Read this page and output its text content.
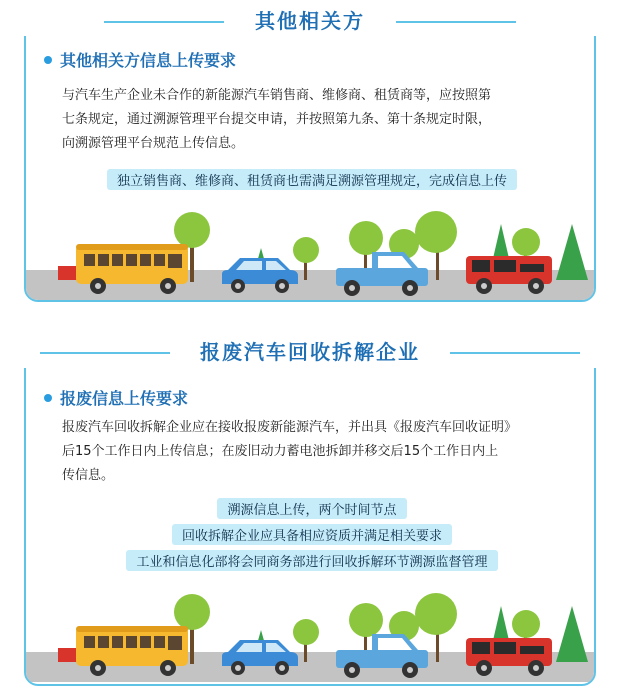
其他相关方信息上传要求
与汽车生产企业未合作的新能源汽车销售商、维修商、租赁商等，应按照第
七条规定，通过溯源管理平台提交申请，并按照第九条、第十条规定时限，
向溯源管理平台规范上传信息。
独立销售商、维修商、租赁商也需满足溯源管理规定，完成信息上传
其他相关方
报废信息上传要求
报废汽车回收拆解企业应在接收报废新能源汽车，并出具《报废汽车回收证明》
后15个工作日内上传信息；在废旧动力蓄电池拆卸并移交后15个工作日内上
传信息。
溯源信息上传，两个时间节点
回收拆解企业应具备相应资质并满足相关要求
工业和信息化部将会同商务部进行回收拆解环节溯源监督管理
报废汽车回收拆解企业
